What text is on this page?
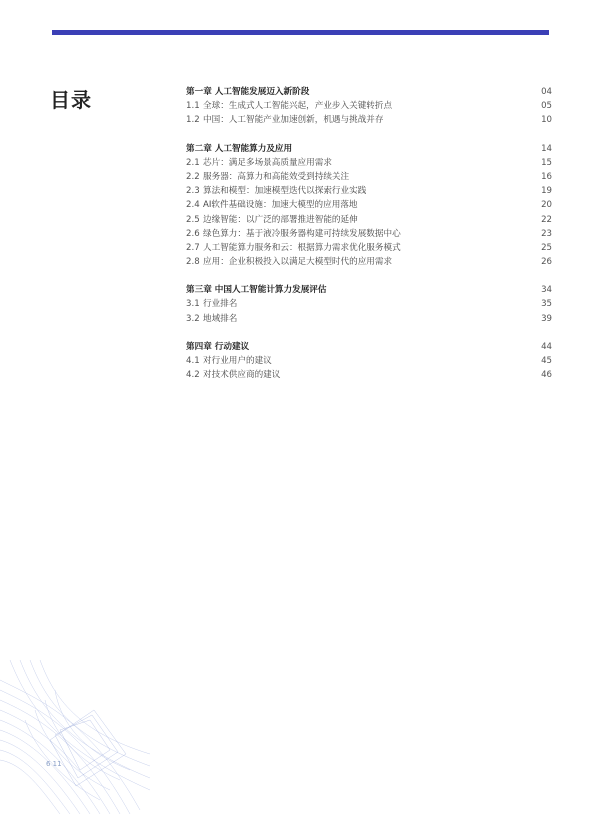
目录	第一章 人工智能发展迈入新阶段	04
1.1 全球：生成式人工智能兴起，产业步入关键转折点	05
1.2 中国：人工智能产业加速创新，机遇与挑战并存	10
第二章 人工智能算力及应用	14
2.1 芯片：满足多场景高质量应用需求	15
2.2 服务器：高算力和高能效受到持续关注	16
2.3 算法和模型：加速模型迭代以探索行业实践	19
2.4 AI软件基础设施：加速大模型的应用落地	20
2.5 边缘智能：以广泛的部署推进智能的延伸	22
2.6 绿色算力：基于液冷服务器构建可持续发展数据中心	23
2.7 人工智能算力服务和云：根据算力需求优化服务模式	25
2.8 应用：企业积极投入以满足大模型时代的应用需求	26
第三章 中国人工智能计算力发展评估	34
3.1 行业排名	35
3.2 地域排名	39
第四章 行动建议	44
4.1 对行业用户的建议	45
4.2 对技术供应商的建议	46
6 11
